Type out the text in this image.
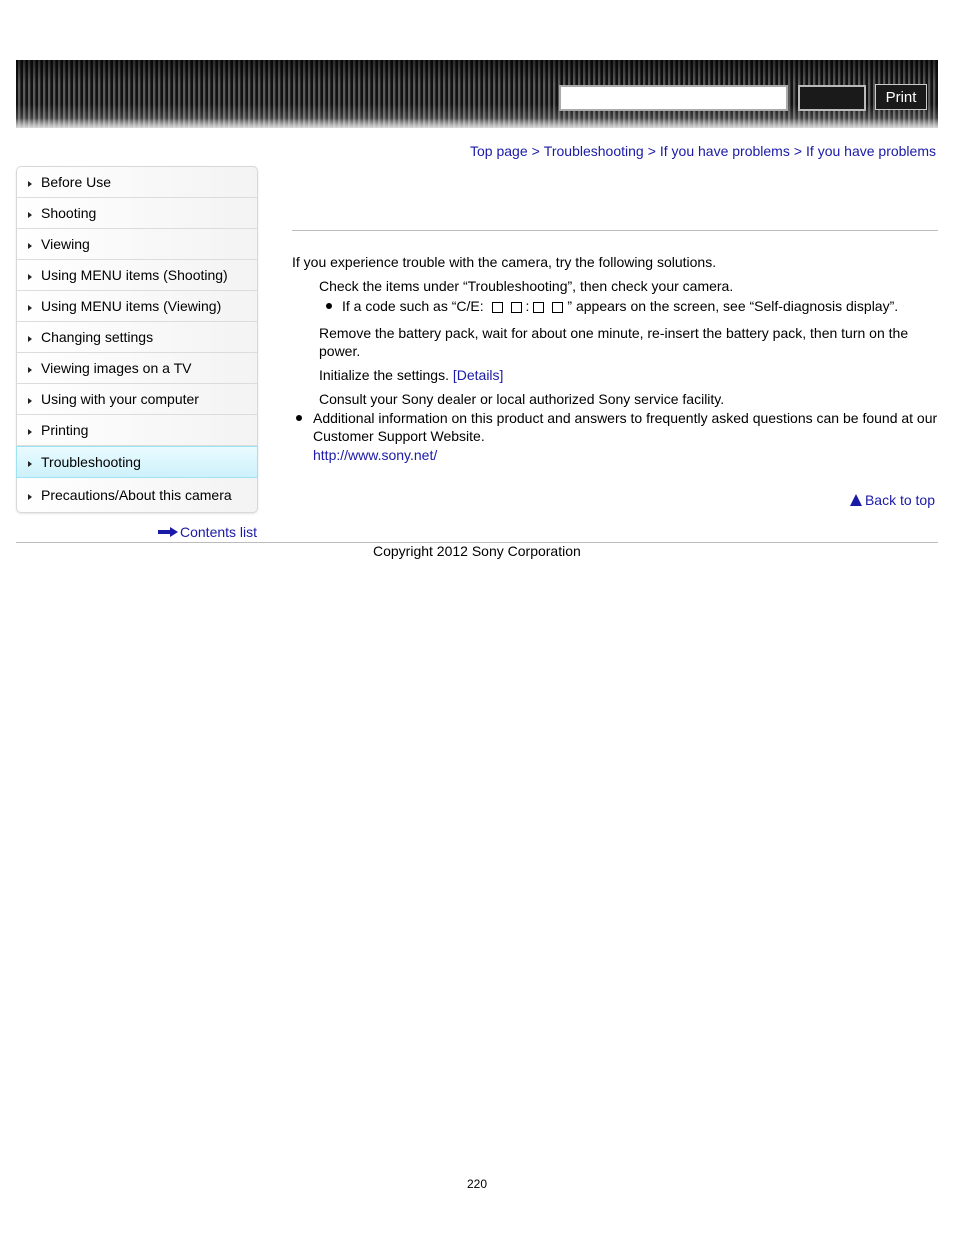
Print
Top page > Troubleshooting > If you have problems > If you have problems
Before Use
Shooting
Viewing
Using MENU items (Shooting)
Using MENU items (Viewing)
Changing settings
Viewing images on a TV
Using with your computer
Printing
Troubleshooting
Precautions/About this camera
Contents list

If you experience trouble with the camera, try the following solutions.

Check the items under “Troubleshooting”, then check your camera.

If a code such as “C/E:	:	” appears on the screen, see “Self-diagnosis display”.

Remove the battery pack, wait for about one minute, re-insert the battery pack, then turn on the power.

Initialize the settings. [Details]

Consult your Sony dealer or local authorized Sony service facility.

Additional information on this product and answers to frequently asked questions can be found at our Customer Support Website.
http://www.sony.net/
Back to top
Copyright 2012 Sony Corporation
220
